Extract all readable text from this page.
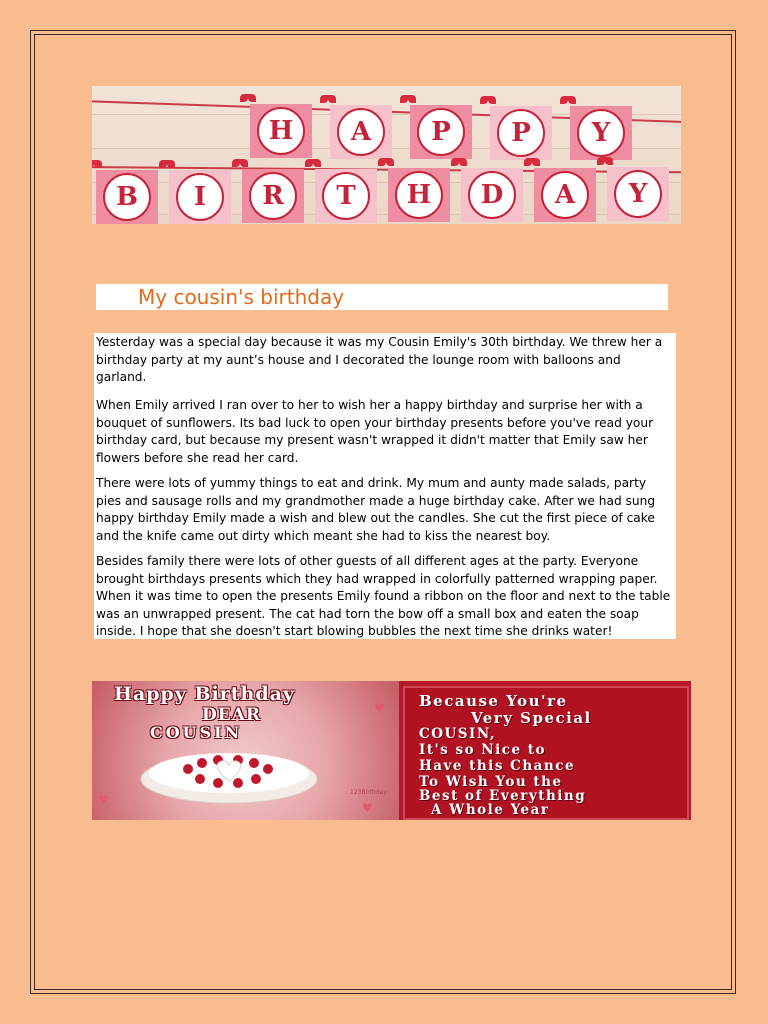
H	A	P	P	Y
B	I	R	T	H	D	A	Y
My cousin's birthday

Yesterday was a special day because it was my Cousin Emily's 30th birthday. We threw her a
birthday party at my aunt’s house and I decorated the lounge room with balloons and
garland.

When Emily arrived I ran over to her to wish her a happy birthday and surprise her with a
bouquet of sunflowers. Its bad luck to open your birthday presents before you've read your
birthday card, but because my present wasn't wrapped it didn't matter that Emily saw her
flowers before she read her card.

There were lots of yummy things to eat and drink. My mum and aunty made salads, party
pies and sausage rolls and my grandmother made a huge birthday cake. After we had sung
happy birthday Emily made a wish and blew out the candles. She cut the first piece of cake
and the knife came out dirty which meant she had to kiss the nearest boy.

Besides family there were lots of other guests of all different ages at the party. Everyone
brought birthdays presents which they had wrapped in colorfully patterned wrapping paper.
When it was time to open the presents Emily found a ribbon on the floor and next to the table
was an unwrapped present. The cat had torn the bow off a small box and eaten the soap
inside. I hope that she doesn't start blowing bubbles the next time she drinks water!

♥
♥
♥
Happy Birthday
DEAR
COUSIN
123Birthday
Because You're
Very Special
COUSIN,
It's so Nice to
Have this Chance
To Wish You the
Best of Everything
A Whole Year
